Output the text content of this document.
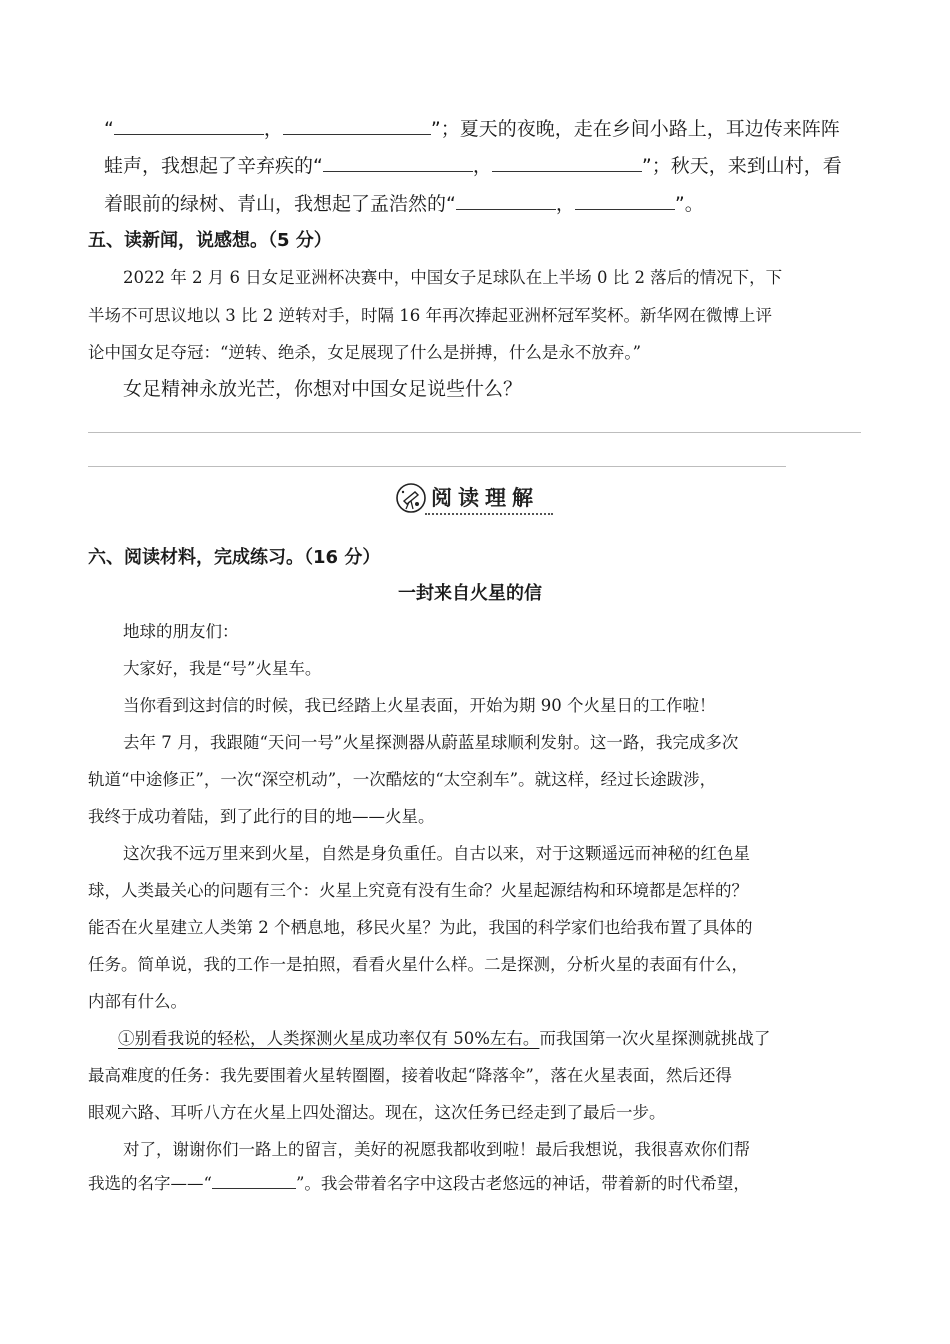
“	，	”；夏天的夜晚，走在乡间小路上，耳边传来阵阵
蛙声，我想起了辛弃疾的“	，	”；秋天，来到山村，看
着眼前的绿树、青山，我想起了孟浩然的“	，	”。
五、读新闻，说感想。（5 分）
2022 年 2 月 6 日女足亚洲杯决赛中，中国女子足球队在上半场 0 比 2 落后的情况下，下
半场不可思议地以 3 比 2 逆转对手，时隔 16 年再次捧起亚洲杯冠军奖杯。新华网在微博上评
论中国女足夺冠：“逆转、绝杀，女足展现了什么是拼搏，什么是永不放弃。”
女足精神永放光芒，你想对中国女足说些什么？
阅读理解
六、阅读材料，完成练习。（16 分）
一封来自火星的信
地球的朋友们：
大家好，我是“号”火星车。
当你看到这封信的时候，我已经踏上火星表面，开始为期 90 个火星日的工作啦！
去年 7 月，我跟随“天问一号”火星探测器从蔚蓝星球顺利发射。这一路，我完成多次
轨道“中途修正”，一次“深空机动”，一次酷炫的“太空刹车”。就这样，经过长途跋涉，
我终于成功着陆，到了此行的目的地——火星。
这次我不远万里来到火星，自然是身负重任。自古以来，对于这颗遥远而神秘的红色星
球，人类最关心的问题有三个：火星上究竟有没有生命？火星起源结构和环境都是怎样的？
能否在火星建立人类第 2 个栖息地，移民火星？为此，我国的科学家们也给我布置了具体的
任务。简单说，我的工作一是拍照，看看火星什么样。二是探测，分析火星的表面有什么，
内部有什么。
①别看我说的轻松，人类探测火星成功率仅有 50%左右。而我国第一次火星探测就挑战了
最高难度的任务：我先要围着火星转圈圈，接着收起“降落伞”，落在火星表面，然后还得
眼观六路、耳听八方在火星上四处溜达。现在，这次任务已经走到了最后一步。
对了，谢谢你们一路上的留言，美好的祝愿我都收到啦！最后我想说，我很喜欢你们帮
我选的名字——“	”。我会带着名字中这段古老悠远的神话，带着新的时代希望，
